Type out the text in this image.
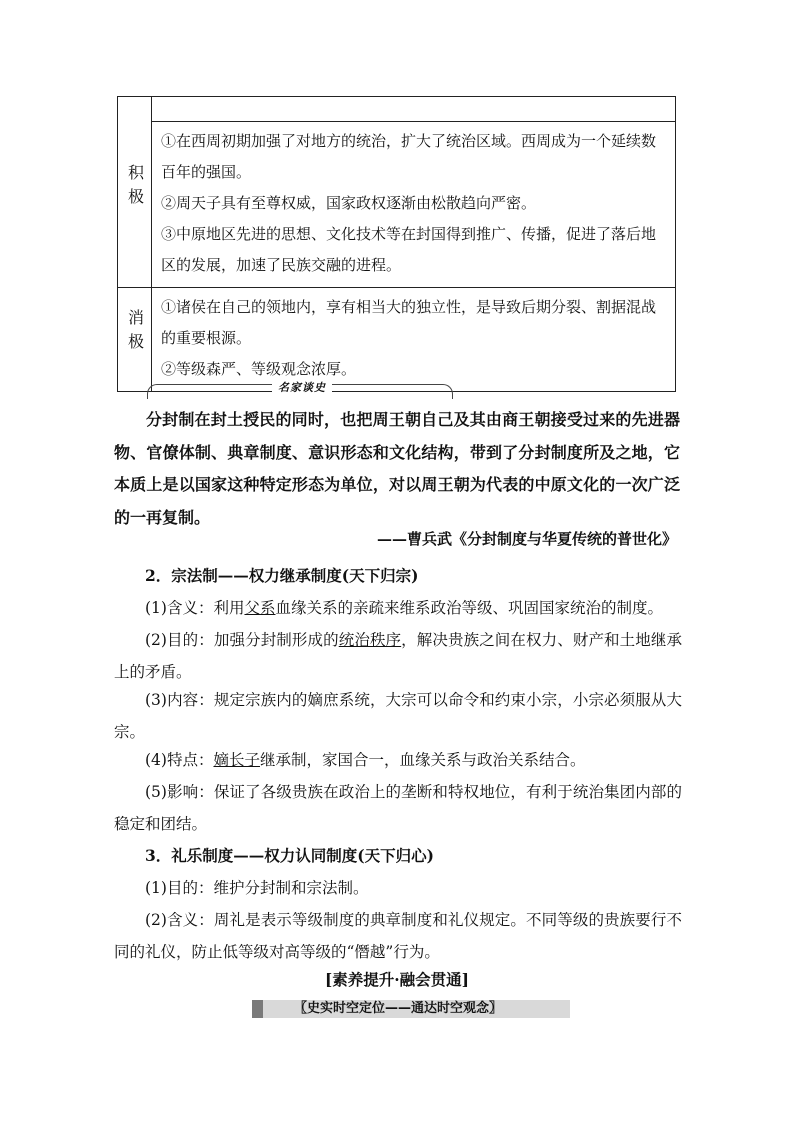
积极	

	①在西周初期加强了对地方的统治，扩大了统治区域。西周成为一个延续数百年的强国。
②周天子具有至尊权威，国家政权逐渐由松散趋向严密。
③中原地区先进的思想、文化技术等在封国得到推广、传播，促进了落后地区的发展，加速了民族交融的进程。

消极	①诸侯在自己的领地内，享有相当大的独立性，是导致后期分裂、割据混战的重要根源。
②等级森严、等级观念浓厚。
名家谈史

分封制在封土授民的同时，也把周王朝自己及其由商王朝接受过来的先进器物、官僚体制、典章制度、意识形态和文化结构，带到了分封制度所及之地，它本质上是以国家这种特定形态为单位，对以周王朝为代表的中原文化的一次广泛的一再复制。

——曹兵武《分封制度与华夏传统的普世化》

2．宗法制——权力继承制度(天下归宗)

(1)含义：利用父系血缘关系的亲疏来维系政治等级、巩固国家统治的制度。

(2)目的：加强分封制形成的统治秩序，解决贵族之间在权力、财产和土地继承上的矛盾。

(3)内容：规定宗族内的嫡庶系统，大宗可以命令和约束小宗，小宗必须服从大宗。

(4)特点：嫡长子继承制，家国合一，血缘关系与政治关系结合。

(5)影响：保证了各级贵族在政治上的垄断和特权地位，有利于统治集团内部的稳定和团结。

3．礼乐制度——权力认同制度(天下归心)

(1)目的：维护分封制和宗法制。

(2)含义：周礼是表示等级制度的典章制度和礼仪规定。不同等级的贵族要行不同的礼仪，防止低等级对高等级的“僭越”行为。

[素养提升·融会贯通]
〖史实时空定位——通达时空观念〗
